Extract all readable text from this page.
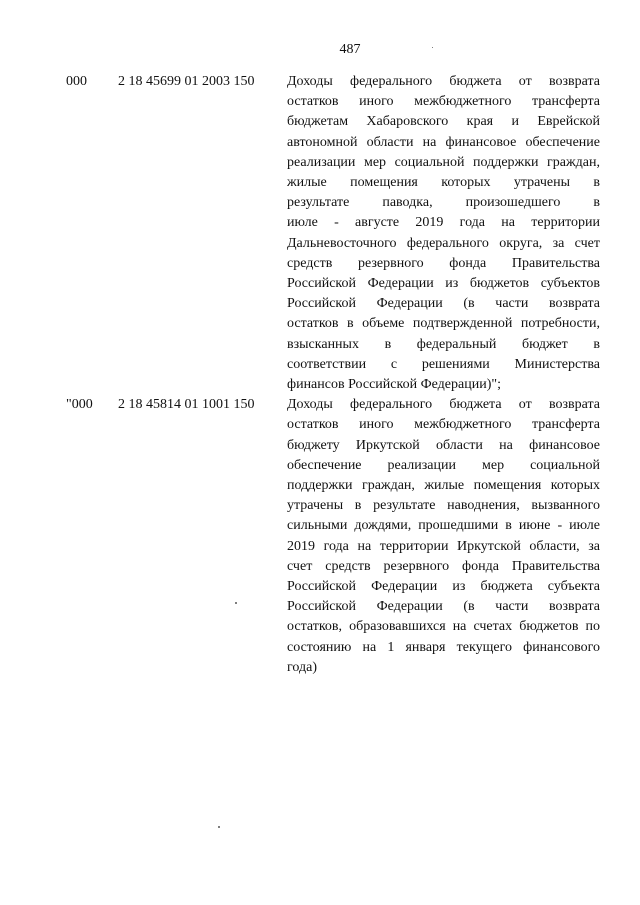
487
000 2 18 45699 01 2003 150 Доходы федерального бюджета от возврата
остатков иного межбюджетного трансферта
бюджетам Хабаровского края и Еврейской
автономной области на финансовое обеспечение
реализации мер социальной поддержки граждан,
жилые помещения которых утрачены в
результате паводка, произошедшего в
июле - августе 2019 года на территории
Дальневосточного федерального округа, за счет
средств резервного фонда Правительства
Российской Федерации из бюджетов субъектов
Российской Федерации (в части возврата
остатков в объеме подтвержденной потребности,
взысканных в федеральный бюджет в
соответствии с решениями Министерства
финансов Российской Федерации)";
"000 2 18 45814 01 1001 150 Доходы федерального бюджета от возврата
остатков иного межбюджетного трансферта
бюджету Иркутской области на финансовое
обеспечение реализации мер социальной
поддержки граждан, жилые помещения которых
утрачены в результате наводнения, вызванного
сильными дождями, прошедшими в июне - июле
2019 года на территории Иркутской области, за
счет средств резервного фонда Правительства
Российской Федерации из бюджета субъекта
Российской Федерации (в части возврата
остатков, образовавшихся на счетах бюджетов по
состоянию на 1 января текущего финансового
года)
